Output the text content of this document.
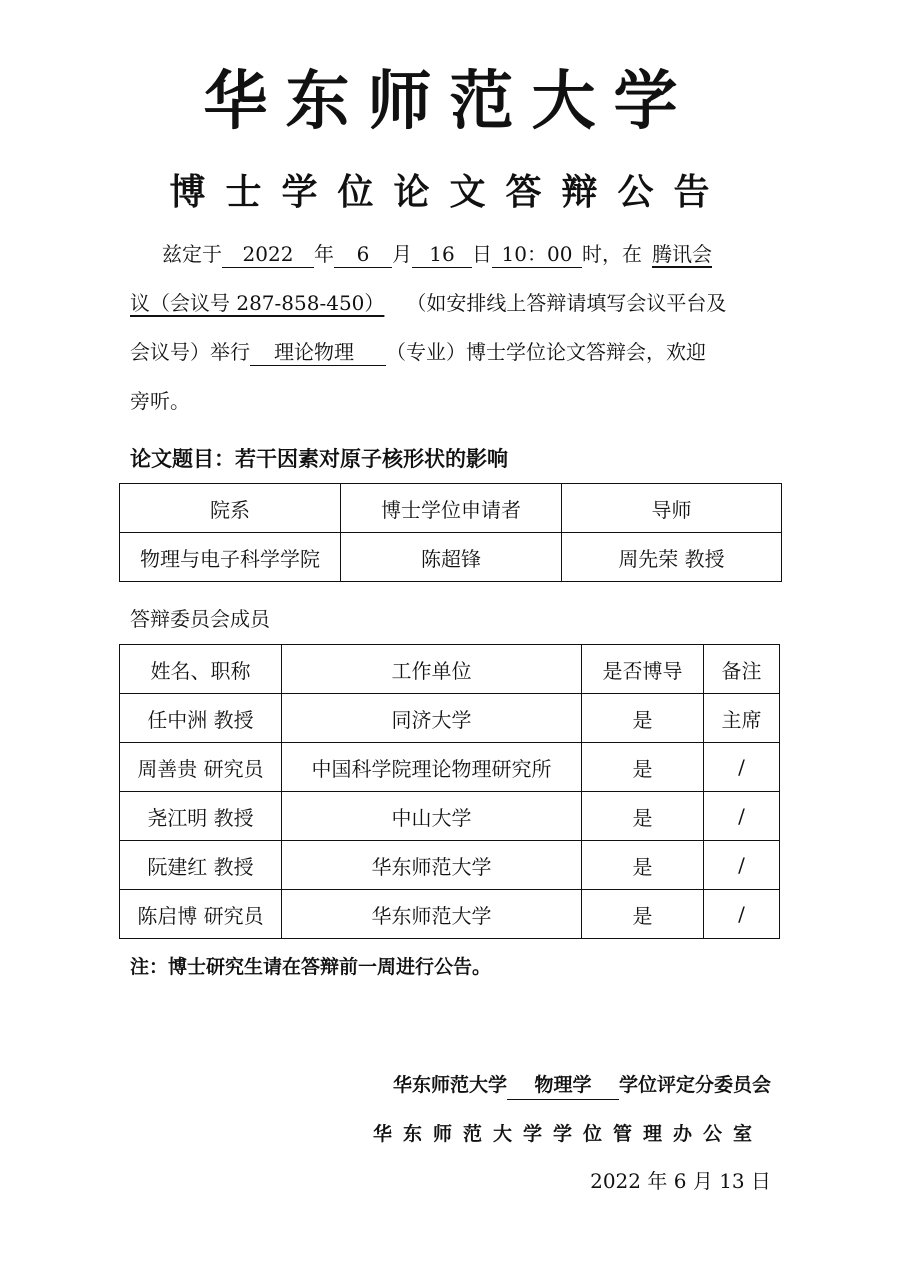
华东师范大学
博士学位论文答辩公告
兹定于 2022 年 6 月 16 日 10：00 时，在 腾讯会
议（会议号 287-858-450） （如安排线上答辩请填写会议平台及
会议号）举行 理论物理 （专业）博士学位论文答辩会，欢迎
旁听。
论文题目：若干因素对原子核形状的影响
院系	博士学位申请者	导师
物理与电子科学学院	陈超锋	周先荣 教授
答辩委员会成员
姓名、职称	工作单位	是否博导	备注
任中洲 教授	同济大学	是	主席
周善贵 研究员	中国科学院理论物理研究所	是	/
尧江明 教授	中山大学	是	/
阮建红 教授	华东师范大学	是	/
陈启博 研究员	华东师范大学	是	/
注：博士研究生请在答辩前一周进行公告。
华东师范大学 物理学 学位评定分委员会
华东师范大学学位管理办公室
2022 年 6 月 13 日
